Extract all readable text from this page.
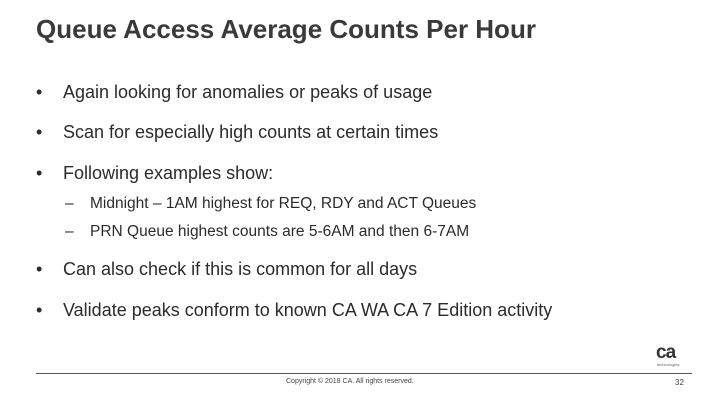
Queue Access Average Counts Per Hour
•	Again looking for anomalies or peaks of usage
•	Scan for especially high counts at certain times
•	Following examples show:
– Midnight – 1AM highest for REQ, RDY and ACT Queues
– PRN Queue highest counts are 5-6AM and then 6-7AM
•	Can also check if this is common for all days
•	Validate peaks conform to known CA WA CA 7 Edition activity
ca
technologies
Copyright © 2018 CA. All rights reserved.	32
